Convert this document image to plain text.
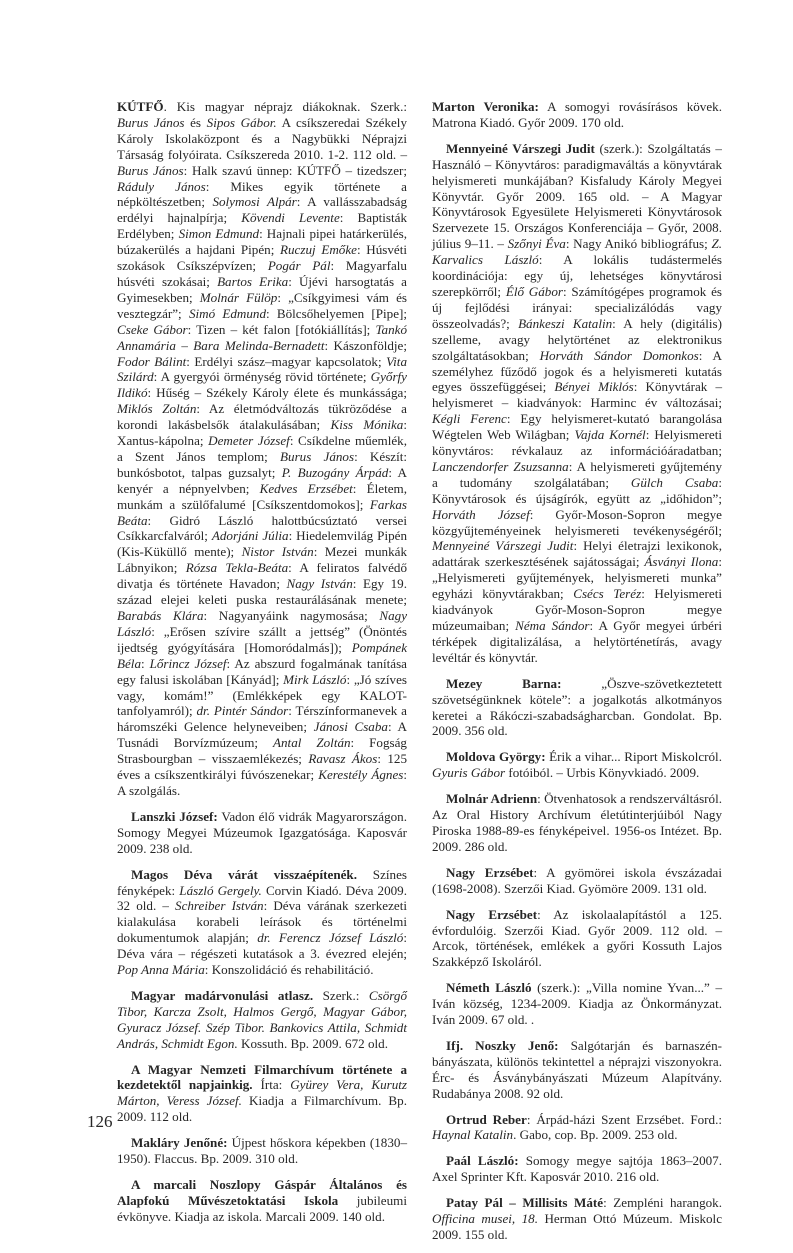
KÚTFŐ. Kis magyar néprajz diákoknak. Szerk.: Burus János és Sipos Gábor. A csíkszeredai Székely Károly Iskolaközpont és a Nagybükki Néprajzi Társaság folyóirata. Csíkszereda 2010. 1-2. 112 old. – Burus János: Halk szavú ünnep: KÚTFŐ – tizedszer; Ráduly János: Mikes egyik története a népköltészetben; Solymosi Alpár: A vallásszabadság erdélyi hajnalpírja; Kövendi Levente: Baptisták Erdélyben; Simon Edmund: Hajnali pipei határkerülés, búzakerülés a hajdani Pipén; Ruczuj Emőke: Húsvéti szokások Csíkszépvízen; Pogár Pál: Magyarfalu húsvéti szokásai; Bartos Erika: Újévi harsogtatás a Gyimesekben; Molnár Fülöp: „Csíkgyimesi vám és vesztegzár”; Simó Edmund: Bölcsőhelyemen [Pipe]; Cseke Gábor: Tizen – két falon [fotókiállítás]; Tankó Annamária – Bara Melinda-Bernadett: Kászonföldje; Fodor Bálint: Erdélyi szász–magyar kapcsolatok; Vita Szilárd: A gyergyói örménység rövid története; Győrfy Ildikó: Hűség – Székely Károly élete és munkássága; Miklós Zoltán: Az életmódváltozás tükröződése a korondi lakásbelsők átalakulásában; Kiss Mónika: Xantus-kápolna; Demeter József: Csíkdelne műemlék, a Szent János templom; Burus János: Készít: bunkósbotot, talpas guzsalyt; P. Buzogány Árpád: A kenyér a népnyelvben; Kedves Erzsébet: Életem, munkám a szülőfalumé [Csíkszentdomokos]; Farkas Beáta: Gidró László halottbúcsúztató versei Csíkkarcfalváról; Adorjáni Júlia: Hiedelemvilág Pipén (Kis-Küküllő mente); Nistor István: Mezei munkák Lábnyikon; Rózsa Tekla-Beáta: A feliratos falvédő divatja és története Havadon; Nagy István: Egy 19. század elejei keleti puska restaurálásának menete; Barabás Klára: Nagyanyáink nagymosása; Nagy László: „Erősen szívire szállt a jettség” (Önöntés ijedtség gyógyítására [Homoródalmás]); Pompánek Béla: Lőrincz József: Az abszurd fogalmának tanítása egy falusi iskolában [Kányád]; Mirk László: „Jó szíves vagy, komám!” (Emlékképek egy KALOT-tanfolyamról); dr. Pintér Sándor: Térszínformanevek a háromszéki Gelence helyneveiben; Jánosi Csaba: A Tusnádi Borvízmúzeum; Antal Zoltán: Fogság Strasbourgban – visszaemlékezés; Ravasz Ákos: 125 éves a csíkszentkirályi fúvószenekar; Kerestély Ágnes: A szolgálás.

Lanszki József: Vadon élő vidrák Magyarországon. Somogy Megyei Múzeumok Igazgatósága. Kaposvár 2009. 238 old.

Magos Déva várát visszaépítenék. Színes fényképek: László Gergely. Corvin Kiadó. Déva 2009. 32 old. – Schreiber István: Déva várának szerkezeti kialakulása korabeli leírások és történelmi dokumentumok alapján; dr. Ferencz József László: Déva vára – régészeti kutatások a 3. évezred elején; Pop Anna Mária: Konszolidáció és rehabilitáció.

Magyar madárvonulási atlasz. Szerk.: Csörgő Tibor, Karcza Zsolt, Halmos Gergő, Magyar Gábor, Gyuracz József. Szép Tibor. Bankovics Attila, Schmidt András, Schmidt Egon. Kossuth. Bp. 2009. 672 old.

A Magyar Nemzeti Filmarchívum története a kezdetektől napjainkig. Írta: Gyürey Vera, Kurutz Márton, Veress József. Kiadja a Filmarchívum. Bp. 2009. 112 old.

Makláry Jenőné: Újpest hőskora képekben (1830–1950). Flaccus. Bp. 2009. 310 old.

A marcali Noszlopy Gáspár Általános és Alapfokú Művészetoktatási Iskola jubileumi évkönyve. Kiadja az iskola. Marcali 2009. 140 old.

Marton Veronika: A somogyi rovásírásos kövek. Matrona Kiadó. Győr 2009. 170 old.

Mennyeiné Várszegi Judit (szerk.): Szolgáltatás – Használó – Könyvtáros: paradigmaváltás a könyvtárak helyismereti munkájában? Kisfaludy Károly Megyei Könyvtár. Győr 2009. 165 old. – A Magyar Könyvtárosok Egyesülete Helyismereti Könyvtárosok Szervezete 15. Országos Konferenciája – Győr, 2008. július 9–11. – Szőnyi Éva: Nagy Anikó bibliográfus; Z. Karvalics László: A lokális tudástermelés koordinációja: egy új, lehetséges könyvtárosi szerepkörről; Élő Gábor: Számítógépes programok és új fejlődési irányai: specializálódás vagy összeolvadás?; Bánkeszi Katalin: A hely (digitális) szelleme, avagy helytörténet az elektronikus szolgáltatásokban; Horváth Sándor Domonkos: A személyhez fűződő jogok és a helyismereti kutatás egyes összefüggései; Bényei Miklós: Könyvtárak – helyismeret – kiadványok: Harminc év változásai; Kégli Ferenc: Egy helyismeret-kutató barangolása Wégtelen Web Wilágban; Vajda Kornél: Helyismereti könyvtáros: révkalauz az információáradatban; Lanczendorfer Zsuzsanna: A helyismereti gyűjtemény a tudomány szolgálatában; Gülch Csaba: Könyvtárosok és újságírók, együtt az „időhidon”; Horváth József: Győr-Moson-Sopron megye közgyűjteményeinek helyismereti tevékenységéről; Mennyeiné Várszegi Judit: Helyi életrajzi lexikonok, adattárak szerkesztésének sajátosságai; Ásványi Ilona: „Helyismereti gyűjtemények, helyismereti munka” egyházi könyvtárakban; Csécs Teréz: Helyismereti kiadványok Győr-Moson-Sopron megye múzeumaiban; Néma Sándor: A Győr megyei úrbéri térképek digitalizálása, a helytörténetírás, avagy levéltár és könyvtár.

Mezey Barna: „Öszve-szövetkeztetett szövetségünknek kötele”: a jogalkotás alkotmányos keretei a Rákóczi-szabadságharcban. Gondolat. Bp. 2009. 356 old.

Moldova György: Érik a vihar... Riport Miskolcról. Gyuris Gábor fotóiból. – Urbis Könyvkiadó. 2009.

Molnár Adrienn: Ötvenhatosok a rendszerváltásról. Az Oral History Archívum életútinterjúiból Nagy Piroska 1988-89-es fényképeivel. 1956-os Intézet. Bp. 2009. 286 old.

Nagy Erzsébet: A gyömörei iskola évszázadai (1698-2008). Szerzői Kiad. Gyömöre 2009. 131 old.

Nagy Erzsébet: Az iskolaalapítástól a 125. évfordulóig. Szerzői Kiad. Győr 2009. 112 old. – Arcok, történések, emlékek a győri Kossuth Lajos Szakképző Iskoláról.

Németh László (szerk.): „Villa nomine Yvan...” – Iván község, 1234-2009. Kiadja az Önkormányzat. Iván 2009. 67 old. .

Ifj. Noszky Jenő: Salgótarján és barnaszén-bányászata, különös tekintettel a néprajzi viszonyokra. Érc- és Ásványbányászati Múzeum Alapítvány. Rudabánya 2008. 92 old.

Ortrud Reber: Árpád-házi Szent Erzsébet. Ford.: Haynal Katalin. Gabo, cop. Bp. 2009. 253 old.

Paál László: Somogy megye sajtója 1863–2007. Axel Sprinter Kft. Kaposvár 2010. 216 old.

Patay Pál – Millisits Máté: Zempléni harangok. Officina musei, 18. Herman Ottó Múzeum. Miskolc 2009. 155 old.

126
